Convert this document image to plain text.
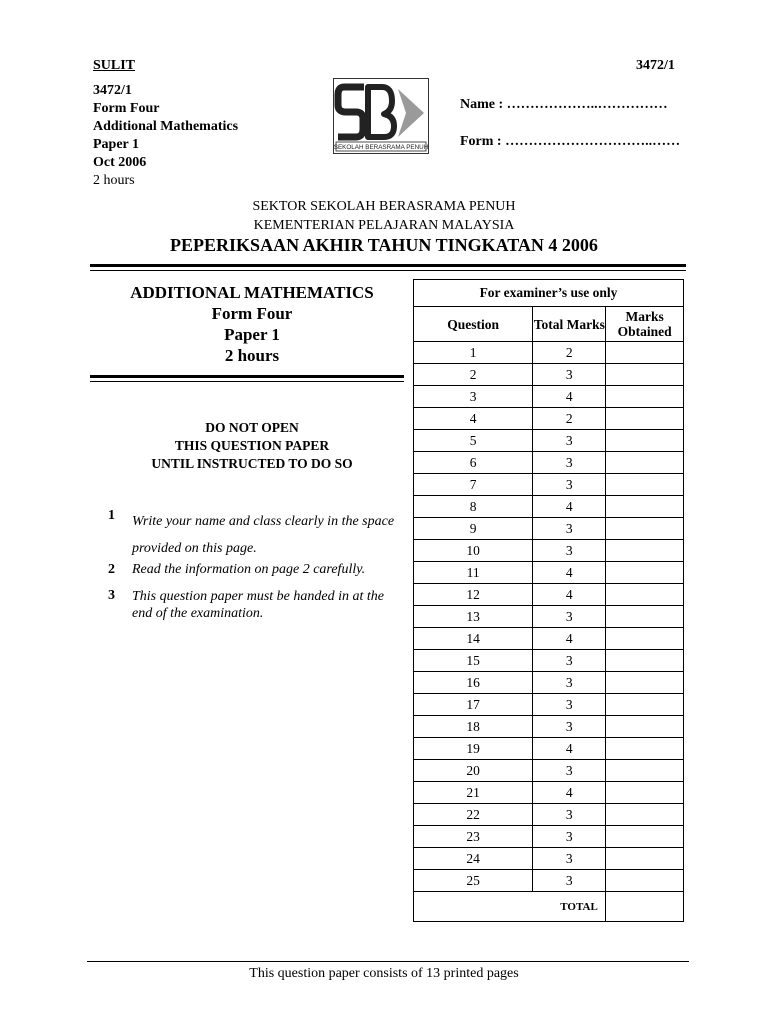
SULIT	3472/1
3472/1
Form Four
Additional Mathematics
Paper 1
Oct 2006
2 hours
SEKOLAH BERASRAMA PENUH
Name : ………………..……………
Form : …………………………..……
SEKTOR SEKOLAH BERASRAMA PENUH
KEMENTERIAN PELAJARAN MALAYSIA
PEPERIKSAAN AKHIR TAHUN TINGKATAN 4 2006
ADDITIONAL MATHEMATICS
Form Four
Paper 1
2 hours
DO NOT OPEN
THIS QUESTION PAPER
UNTIL INSTRUCTED TO DO SO
1 Write your name and class clearly in the space provided on this page.
2 Read the information on page 2 carefully.
3 This question paper must be handed in at the end of the examination.
For examiner’s use only		
Question	Total Marks	Marks Obtained
1	2	
2	3	
3	4	
4	2	
5	3	
6	3	
7	3	
8	4	
9	3	
10	3	
11	4	
12	4	
13	3	
14	4	
15	3	
16	3	
17	3	
18	3	
19	4	
20	3	
21	4	
22	3	
23	3	
24	3	
25	3	
	TOTAL	
This question paper consists of 13 printed pages
